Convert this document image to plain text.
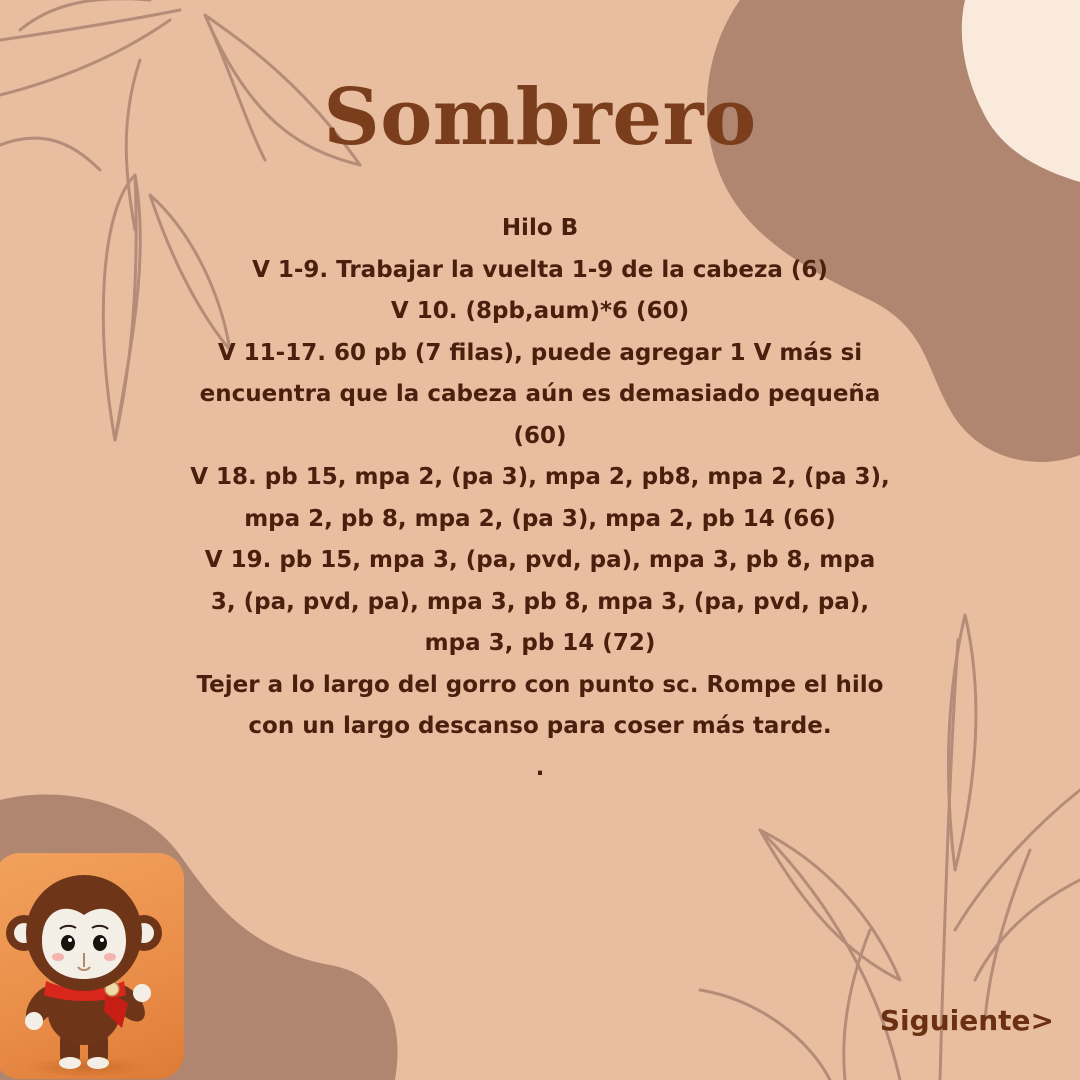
Sombrero

Hilo B

V 1-9. Trabajar la vuelta 1-9 de la cabeza (6)

V 10. (8pb,aum)*6 (60)

V 11-17. 60 pb (7 filas), puede agregar 1 V más si encuentra que la cabeza aún es demasiado pequeña (60)

V 18. pb 15, mpa 2, (pa 3), mpa 2, pb8, mpa 2, (pa 3), mpa 2, pb 8, mpa 2, (pa 3), mpa 2, pb 14 (66)

V 19. pb 15, mpa 3, (pa, pvd, pa), mpa 3, pb 8, mpa 3, (pa, pvd, pa), mpa 3, pb 8, mpa 3, (pa, pvd, pa), mpa 3, pb 14 (72)

Tejer a lo largo del gorro con punto sc. Rompe el hilo con un largo descanso para coser más tarde.

.

Siguiente>
